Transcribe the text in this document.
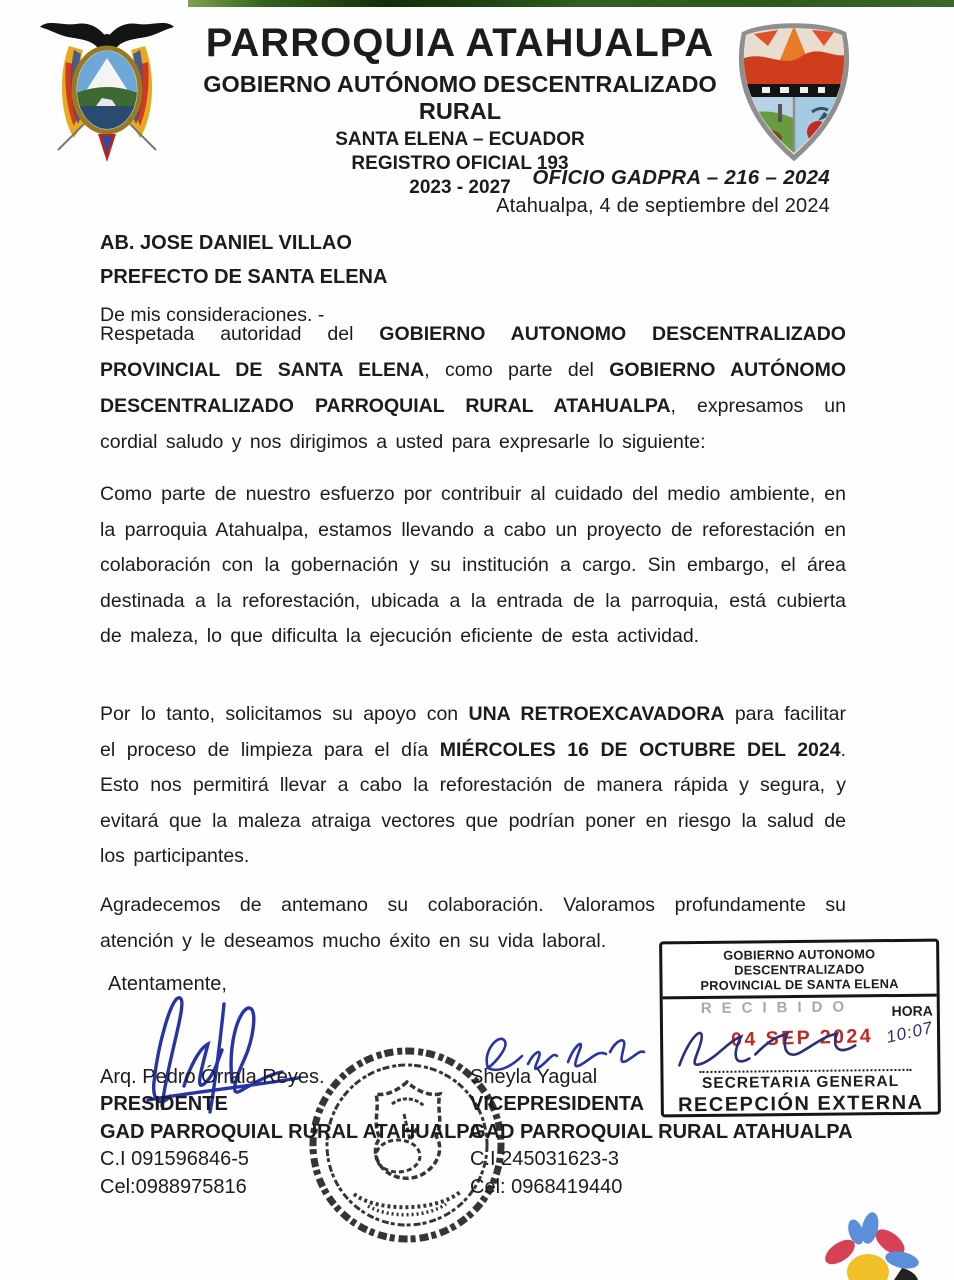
PARROQUIA ATAHUALPA
GOBIERNO AUTÓNOMO DESCENTRALIZADO RURAL
SANTA ELENA – ECUADOR
REGISTRO OFICIAL 193
2023 - 2027	OFICIO GADPRA – 216 – 2024
Atahualpa, 4 de septiembre del 2024
AB. JOSE DANIEL VILLAO
PREFECTO DE SANTA ELENA
De mis consideraciones. -
Respetada autoridad del GOBIERNO AUTONOMO DESCENTRALIZADO PROVINCIAL DE SANTA ELENA, como parte del GOBIERNO AUTÓNOMO DESCENTRALIZADO PARROQUIAL RURAL ATAHUALPA, expresamos un cordial saludo y nos dirigimos a usted para expresarle lo siguiente:
Como parte de nuestro esfuerzo por contribuir al cuidado del medio ambiente, en la parroquia Atahualpa, estamos llevando a cabo un proyecto de reforestación en colaboración con la gobernación y su institución a cargo. Sin embargo, el área destinada a la reforestación, ubicada a la entrada de la parroquia, está cubierta de maleza, lo que dificulta la ejecución eficiente de esta actividad.
Por lo tanto, solicitamos su apoyo con UNA RETROEXCAVADORA para facilitar el proceso de limpieza para el día MIÉRCOLES 16 DE OCTUBRE DEL 2024. Esto nos permitirá llevar a cabo la reforestación de manera rápida y segura, y evitará que la maleza atraiga vectores que podrían poner en riesgo la salud de los participantes.
Agradecemos de antemano su colaboración. Valoramos profundamente su atención y le deseamos mucho éxito en su vida laboral.
Atentamente,
Arq. Pedro Órrala Reyes.
PRESIDENTE
GAD PARROQUIAL RURAL ATAHUALPA
C.I 091596846-5
Cel:0988975816
Sheyla Yagual
VICEPRESIDENTA
GAD PARROQUIAL RURAL ATAHUALPA
C.I 245031623-3
Cel: 0968419440
GOBIERNO AUTONOMO DESCENTRALIZADO
PROVINCIAL DE SANTA ELENA
RECIBIDO	HORA
10:07
04 SEP 2024
SECRETARIA GENERAL
RECEPCIÓN EXTERNA
